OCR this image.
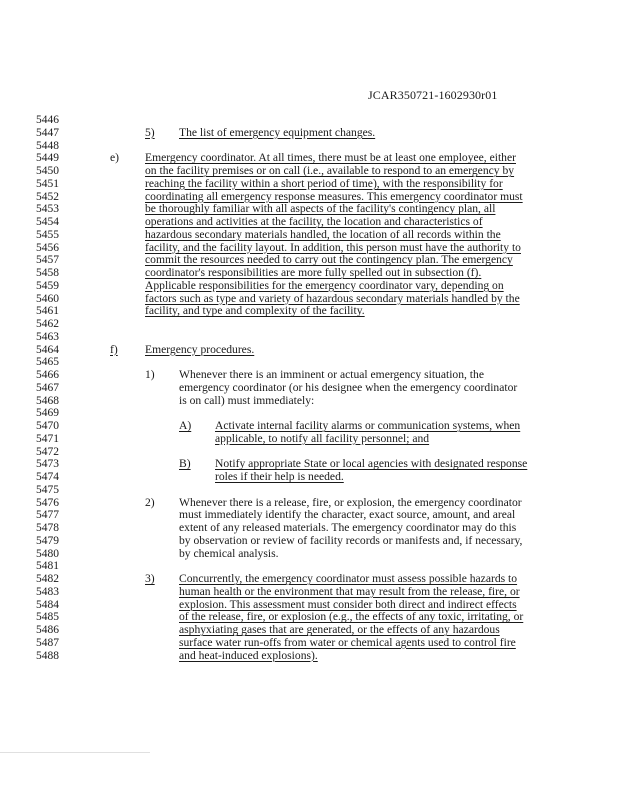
JCAR350721-1602930r01
5446
5447
5448
5449
5450
5451
5452
5453
5454
5455
5456
5457
5458
5459
5460
5461
5462
5463
5464
5465
5466
5467
5468
5469
5470
5471
5472
5473
5474
5475
5476
5477
5478
5479
5480
5481
5482
5483
5484
5485
5486
5487
5488
5) The list of emergency equipment changes.
e) Emergency coordinator. At all times, there must be at least one employee, either
on the facility premises or on call (i.e., available to respond to an emergency by
reaching the facility within a short period of time), with the responsibility for
coordinating all emergency response measures. This emergency coordinator must
be thoroughly familiar with all aspects of the facility's contingency plan, all
operations and activities at the facility, the location and characteristics of
hazardous secondary materials handled, the location of all records within the
facility, and the facility layout. In addition, this person must have the authority to
commit the resources needed to carry out the contingency plan. The emergency
coordinator's responsibilities are more fully spelled out in subsection (f).
Applicable responsibilities for the emergency coordinator vary, depending on
factors such as type and variety of hazardous secondary materials handled by the
facility, and type and complexity of the facility.
f) Emergency procedures.
1) Whenever there is an imminent or actual emergency situation, the
emergency coordinator (or his designee when the emergency coordinator
is on call) must immediately:
A) Activate internal facility alarms or communication systems, when
applicable, to notify all facility personnel; and
B) Notify appropriate State or local agencies with designated response
roles if their help is needed.
2) Whenever there is a release, fire, or explosion, the emergency coordinator
must immediately identify the character, exact source, amount, and areal
extent of any released materials. The emergency coordinator may do this
by observation or review of facility records or manifests and, if necessary,
by chemical analysis.
3) Concurrently, the emergency coordinator must assess possible hazards to
human health or the environment that may result from the release, fire, or
explosion. This assessment must consider both direct and indirect effects
of the release, fire, or explosion (e.g., the effects of any toxic, irritating, or
asphyxiating gases that are generated, or the effects of any hazardous
surface water run-offs from water or chemical agents used to control fire
and heat-induced explosions).
